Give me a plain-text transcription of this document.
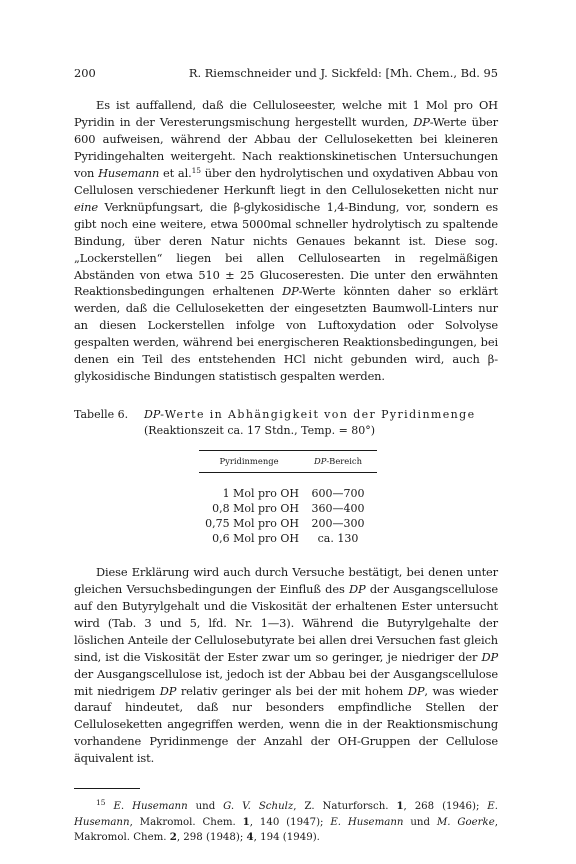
200	R. Riemschneider und J. Sickfeld: [Mh. Chem., Bd. 95

Es ist auffallend, daß die Celluloseester, welche mit 1 Mol pro OH Pyridin in der Veresterungsmischung hergestellt wurden, DP-Werte über 600 aufweisen, während der Abbau der Celluloseketten bei kleineren Pyridingehalten weitergeht. Nach reaktionskinetischen Untersuchungen von Husemann et al.$^{15}$ über den hydrolytischen und oxydativen Abbau von Cellulosen verschiedener Herkunft liegt in den Celluloseketten nicht nur eine Verknüpfungsart, die β-glykosidische 1,4-Bindung, vor, sondern es gibt noch eine weitere, etwa 5000mal schneller hydrolytisch zu spaltende Bindung, über deren Natur nichts Genaues bekannt ist. Diese sog. „Lockerstellen“ liegen bei allen Cellulosearten in regelmäßigen Abständen von etwa 510 ± 25 Glucoseresten. Die unter den erwähnten Reaktionsbedingungen erhaltenen DP-Werte könnten daher so erklärt werden, daß die Celluloseketten der eingesetzten Baumwoll-Linters nur an diesen Lockerstellen infolge von Luftoxydation oder Solvolyse gespalten werden, während bei energischeren Reaktionsbedingungen, bei denen ein Teil des entstehenden HCl nicht gebunden wird, auch β-glykosidische Bindungen statistisch gespalten werden.

Tabelle 6.	DP-Werte in Abhängigkeit von der Pyridinmenge
(Reaktionszeit ca. 17 Stdn., Temp. = 80°)
Pyridinmenge	DP-Bereich
1 Mol pro OH	600—700
0,8 Mol pro OH	360—400
0,75 Mol pro OH	200—300
0,6 Mol pro OH	ca. 130

Diese Erklärung wird auch durch Versuche bestätigt, bei denen unter gleichen Versuchsbedingungen der Einfluß des DP der Ausgangscellulose auf den Butyrylgehalt und die Viskosität der erhaltenen Ester untersucht wird (Tab. 3 und 5, lfd. Nr. 1—3). Während die Butyrylgehalte der löslichen Anteile der Cellulosebutyrate bei allen drei Versuchen fast gleich sind, ist die Viskosität der Ester zwar um so geringer, je niedriger der DP der Ausgangscellulose ist, jedoch ist der Abbau bei der Ausgangscellulose mit niedrigem DP relativ geringer als bei der mit hohem DP, was wieder darauf hindeutet, daß nur besonders empfindliche Stellen der Celluloseketten angegriffen werden, wenn die in der Reaktionsmischung vorhandene Pyridinmenge der Anzahl der OH-Gruppen der Cellulose äquivalent ist.

$^{15}$ E. Husemann und G. V. Schulz, Z. Naturforsch. 1, 268 (1946); E. Husemann, Makromol. Chem. 1, 140 (1947); E. Husemann und M. Goerke, Makromol. Chem. 2, 298 (1948); 4, 194 (1949).
